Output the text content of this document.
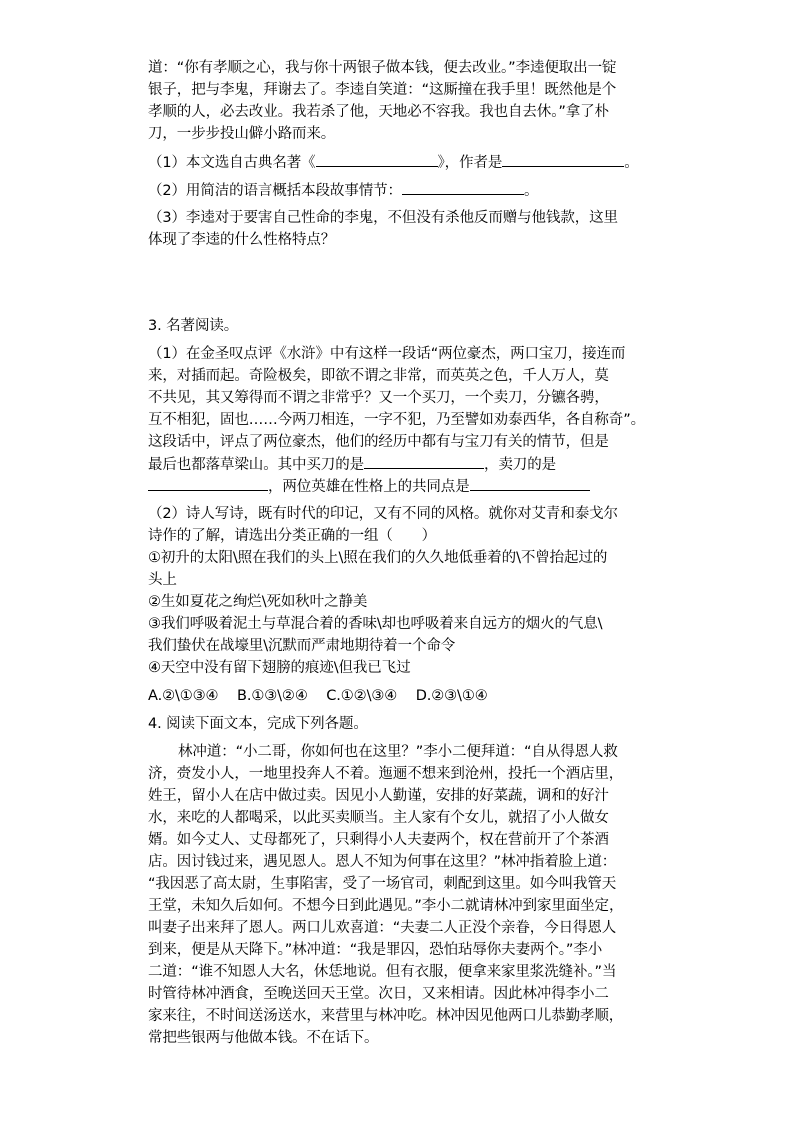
道：“你有孝顺之心，我与你十两银子做本钱，便去改业。”李逵便取出一锭

银子，把与李鬼，拜谢去了。李逵自笑道：“这厮撞在我手里！既然他是个

孝顺的人，必去改业。我若杀了他，天地必不容我。我也自去休。”拿了朴

刀，一步步投山僻小路而来。

（1）本文选自古典名著《	》，作者是	。

（2）用简洁的语言概括本段故事情节：	。

（3）李逵对于要害自己性命的李鬼，不但没有杀他反而赠与他钱款，这里

体现了李逵的什么性格特点？

3. 名著阅读。

（1）在金圣叹点评《水浒》中有这样一段话“两位豪杰，两口宝刀，接连而

来，对插而起。奇险极矣，即欲不谓之非常，而英英之色，千人万人，莫

不共见，其又筹得而不谓之非常乎？又一个买刀，一个卖刀，分镳各骋，

互不相犯，固也……今两刀相连，一字不犯，乃至譬如劝泰西华，各自称奇”。

这段话中，评点了两位豪杰，他们的经历中都有与宝刀有关的情节，但是

最后也都落草梁山。其中买刀的是	，卖刀的是

，两位英雄在性格上的共同点是

（2）诗人写诗，既有时代的印记，又有不同的风格。就你对艾青和泰戈尔

诗作的了解，请选出分类正确的一组（　　）

①初升的太阳\照在我们的头上\照在我们的久久地低垂着的\不曾抬起过的

头上

②生如夏花之绚烂\死如秋叶之静美

③我们呼吸着泥土与草混合着的香味\却也呼吸着来自远方的烟火的气息\

我们蛰伏在战壕里\沉默而严肃地期待着一个命令

④天空中没有留下翅膀的痕迹\但我已飞过

A.②\①③④ B.①③\②④ C.①②\③④ D.②③\①④

4. 阅读下面文本，完成下列各题。

林冲道：“小二哥，你如何也在这里？”李小二便拜道：“自从得恩人救

济，赍发小人，一地里投奔人不着。迤逦不想来到沧州，投托一个酒店里，

姓王，留小人在店中做过卖。因见小人勤谨，安排的好菜蔬，调和的好汁

水，来吃的人都喝采，以此买卖顺当。主人家有个女儿，就招了小人做女

婿。如今丈人、丈母都死了，只剩得小人夫妻两个，权在营前开了个茶酒

店。因讨钱过来，遇见恩人。恩人不知为何事在这里？”林冲指着脸上道：

“我因恶了高太尉，生事陷害，受了一场官司，刺配到这里。如今叫我管天

王堂，未知久后如何。不想今日到此遇见。”李小二就请林冲到家里面坐定，

叫妻子出来拜了恩人。两口儿欢喜道：“夫妻二人正没个亲眷，今日得恩人

到来，便是从天降下。”林冲道：“我是罪囚，恐怕玷辱你夫妻两个。”李小

二道：“谁不知恩人大名，休恁地说。但有衣服，便拿来家里浆洗缝补。”当

时管待林冲酒食，至晚送回天王堂。次日，又来相请。因此林冲得李小二

家来往，不时间送汤送水，来营里与林冲吃。林冲因见他两口儿恭勤孝顺，

常把些银两与他做本钱。不在话下。
